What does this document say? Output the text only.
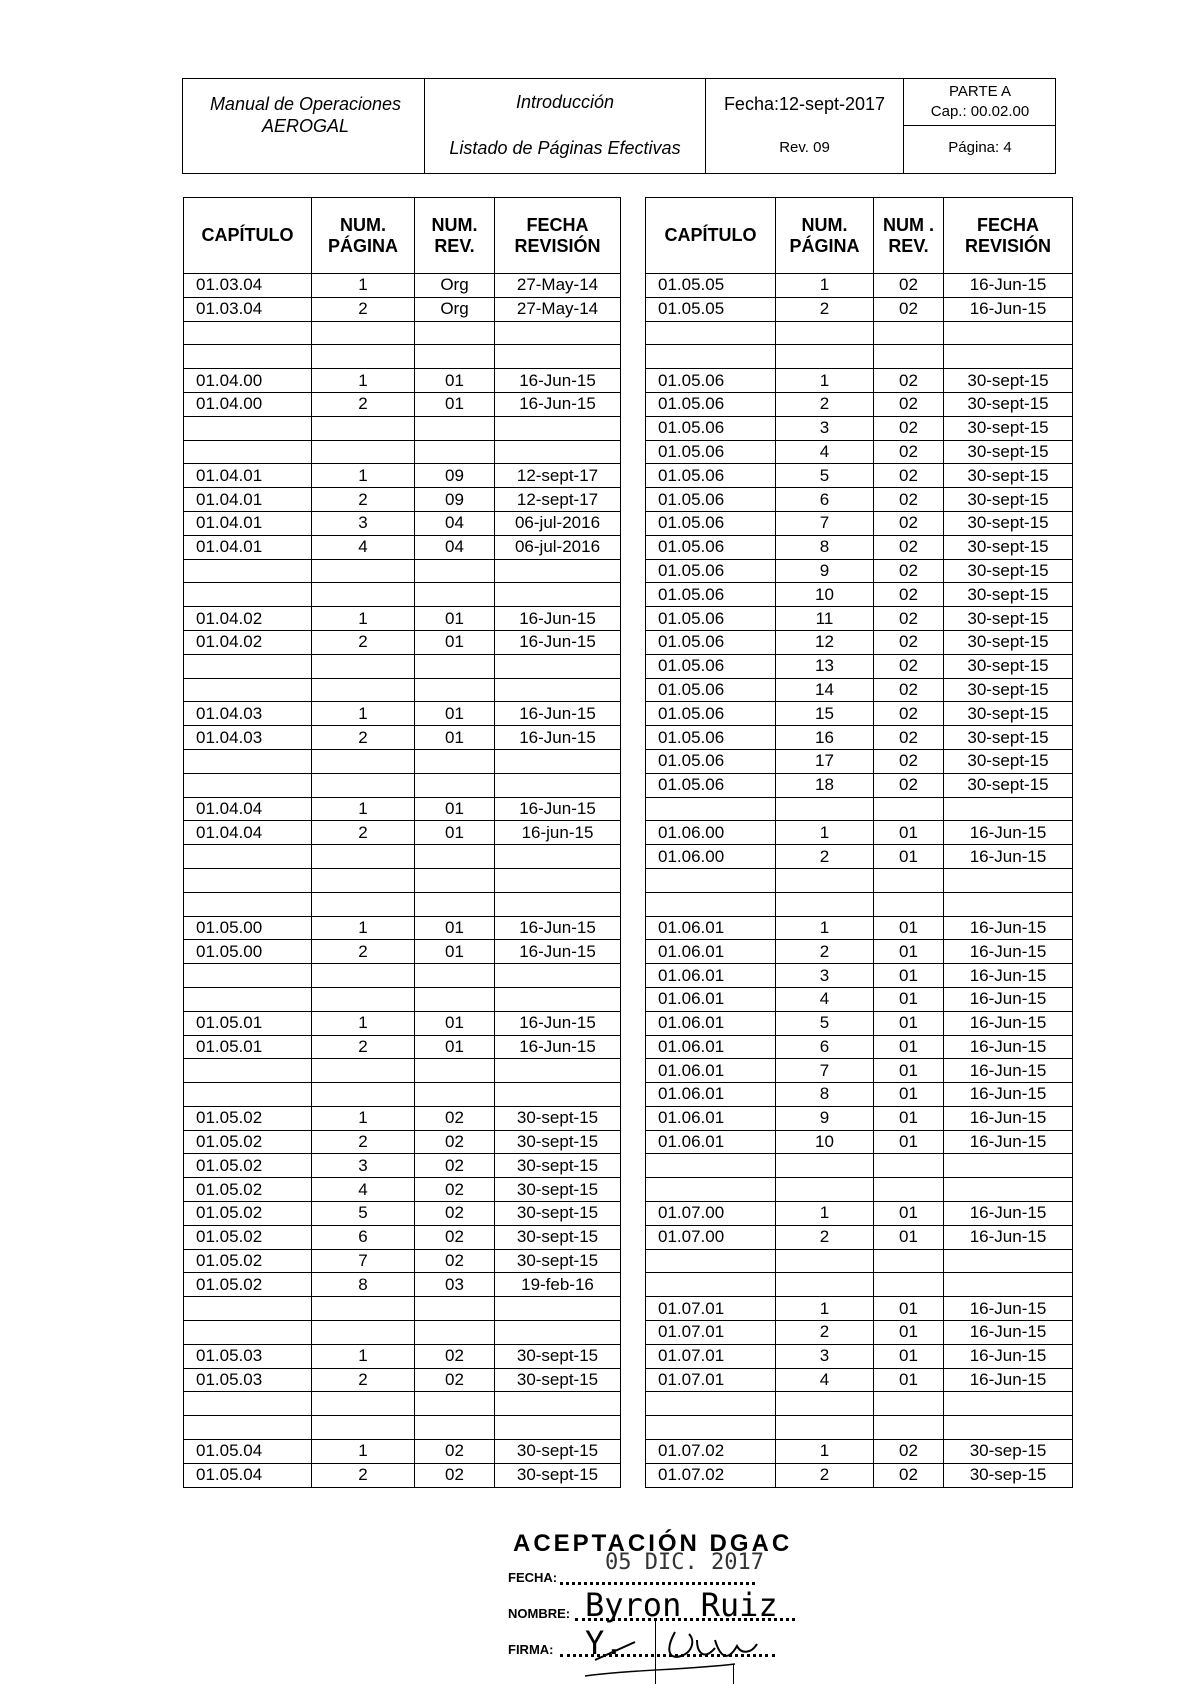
Manual de Operaciones AEROGAL
Introducción
Listado de Páginas Efectivas
Fecha:12-sept-2017
Rev. 09
PARTE A
Cap.: 00.02.00
Página: 4
CAPÍTULO	NUM. PÁGINA	NUM. REV.	FECHA REVISIÓN
01.03.04	1	Org	27-May-14
01.03.04	2	Org	27-May-14

01.04.00	1	01	16-Jun-15
01.04.00	2	01	16-Jun-15

01.04.01	1	09	12-sept-17
01.04.01	2	09	12-sept-17
01.04.01	3	04	06-jul-2016
01.04.01	4	04	06-jul-2016

01.04.02	1	01	16-Jun-15
01.04.02	2	01	16-Jun-15

01.04.03	1	01	16-Jun-15
01.04.03	2	01	16-Jun-15

01.04.04	1	01	16-Jun-15
01.04.04	2	01	16-jun-15

01.05.00	1	01	16-Jun-15
01.05.00	2	01	16-Jun-15

01.05.01	1	01	16-Jun-15
01.05.01	2	01	16-Jun-15

01.05.02	1	02	30-sept-15
01.05.02	2	02	30-sept-15
01.05.02	3	02	30-sept-15
01.05.02	4	02	30-sept-15
01.05.02	5	02	30-sept-15
01.05.02	6	02	30-sept-15
01.05.02	7	02	30-sept-15
01.05.02	8	03	19-feb-16

01.05.03	1	02	30-sept-15
01.05.03	2	02	30-sept-15

01.05.04	1	02	30-sept-15
01.05.04	2	02	30-sept-15
CAPÍTULO	NUM. PÁGINA	NUM . REV.	FECHA REVISIÓN
01.05.05	1	02	16-Jun-15
01.05.05	2	02	16-Jun-15

01.05.06	1	02	30-sept-15
01.05.06	2	02	30-sept-15
01.05.06	3	02	30-sept-15
01.05.06	4	02	30-sept-15
01.05.06	5	02	30-sept-15
01.05.06	6	02	30-sept-15
01.05.06	7	02	30-sept-15
01.05.06	8	02	30-sept-15
01.05.06	9	02	30-sept-15
01.05.06	10	02	30-sept-15
01.05.06	11	02	30-sept-15
01.05.06	12	02	30-sept-15
01.05.06	13	02	30-sept-15
01.05.06	14	02	30-sept-15
01.05.06	15	02	30-sept-15
01.05.06	16	02	30-sept-15
01.05.06	17	02	30-sept-15
01.05.06	18	02	30-sept-15

01.06.00	1	01	16-Jun-15
01.06.00	2	01	16-Jun-15

01.06.01	1	01	16-Jun-15
01.06.01	2	01	16-Jun-15
01.06.01	3	01	16-Jun-15
01.06.01	4	01	16-Jun-15
01.06.01	5	01	16-Jun-15
01.06.01	6	01	16-Jun-15
01.06.01	7	01	16-Jun-15
01.06.01	8	01	16-Jun-15
01.06.01	9	01	16-Jun-15
01.06.01	10	01	16-Jun-15

01.07.00	1	01	16-Jun-15
01.07.00	2	01	16-Jun-15

01.07.01	1	01	16-Jun-15
01.07.01	2	01	16-Jun-15
01.07.01	3	01	16-Jun-15
01.07.01	4	01	16-Jun-15

01.07.02	1	02	30-sep-15
01.07.02	2	02	30-sep-15
ACEPTACIÓN DGAC
FECHA:
05 DIC. 2017
NOMBRE: Byron Ruiz Y.
FIRMA:
